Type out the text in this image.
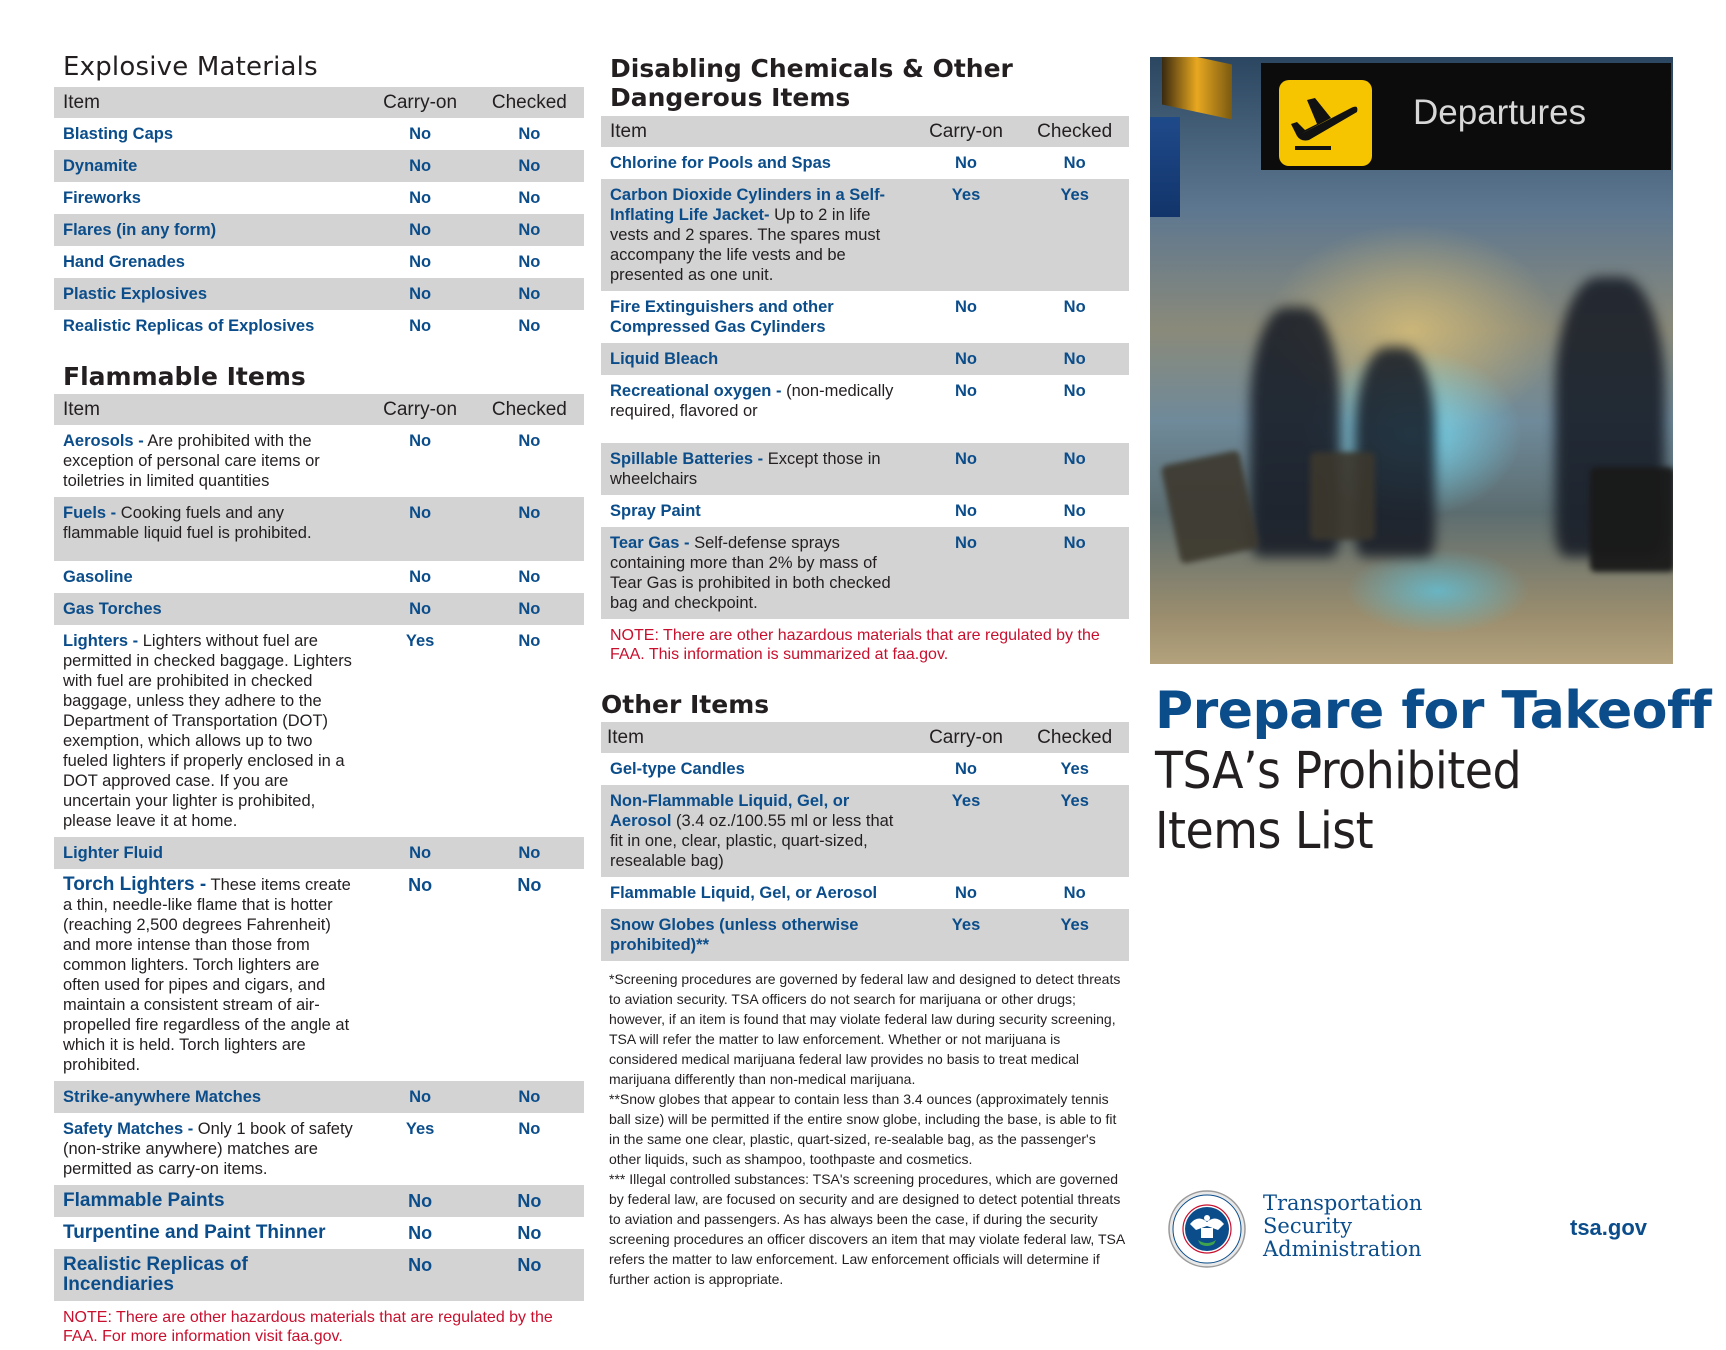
Explosive Materials
Item	Carry-on	Checked
Blasting Caps	No	No
Dynamite	No	No
Fireworks	No	No
Flares (in any form)	No	No
Hand Grenades	No	No
Plastic Explosives	No	No
Realistic Replicas of Explosives	No	No
Flammable Items
Item	Carry-on	Checked
Aerosols - Are prohibited with the exception of personal care items or toiletries in limited quantities	No	No
Fuels - Cooking fuels and any flammable liquid fuel is prohibited.	No	No
Gasoline	No	No
Gas Torches	No	No
Lighters - Lighters without fuel are permitted in checked baggage. Lighters with fuel are prohibited in checked baggage, unless they adhere to the Department of Transportation (DOT) exemption, which allows up to two fueled lighters if properly enclosed in a DOT approved case. If you are uncertain your lighter is prohibited, please leave it at home.	Yes	No
Lighter Fluid	No	No
Torch Lighters - These items create a thin, needle-like flame that is hotter (reaching 2,500 degrees Fahrenheit) and more intense than those from common lighters. Torch lighters are often used for pipes and cigars, and maintain a consistent stream of air-propelled fire regardless of the angle at which it is held. Torch lighters are prohibited.	No	No
Strike-anywhere Matches	No	No
Safety Matches - Only 1 book of safety (non-strike anywhere) matches are permitted as carry-on items.	Yes	No
Flammable Paints	No	No
Turpentine and Paint Thinner	No	No
Realistic Replicas of Incendiaries	No	No

NOTE: There are other hazardous materials that are regulated by the FAA. For more information visit faa.gov.

Disabling Chemicals & Other
Dangerous Items
Item	Carry-on	Checked
Chlorine for Pools and Spas	No	No
Carbon Dioxide Cylinders in a Self-Inflating Life Jacket- Up to 2 in life vests and 2 spares. The spares must accompany the life vests and be presented as one unit.	Yes	Yes
Fire Extinguishers and other Compressed Gas Cylinders	No	No
Liquid Bleach	No	No
Recreational oxygen - (non-medically required, flavored or	No	No
Spillable Batteries - Except those in wheelchairs	No	No
Spray Paint	No	No
Tear Gas - Self-defense sprays containing more than 2% by mass of Tear Gas is prohibited in both checked bag and checkpoint.	No	No

NOTE: There are other hazardous materials that are regulated by the FAA. This information is summarized at faa.gov.

Other Items
Item	Carry-on	Checked
Gel-type Candles	No	Yes
Non-Flammable Liquid, Gel, or Aerosol (3.4 oz./100.55 ml or less that fit in one, clear, plastic, quart-sized, resealable bag)	Yes	Yes
Flammable Liquid, Gel, or Aerosol	No	No
Snow Globes (unless otherwise prohibited)**	Yes	Yes

*Screening procedures are governed by federal law and designed to detect threats to aviation security. TSA officers do not search for marijuana or other drugs; however, if an item is found that may violate federal law during security screening, TSA will refer the matter to law enforcement. Whether or not marijuana is considered medical marijuana federal law provides no basis to treat medical marijuana differently than non-medical marijuana.

**Snow globes that appear to contain less than 3.4 ounces (approximately tennis ball size) will be permitted if the entire snow globe, including the base, is able to fit in the same one clear, plastic, quart-sized, re-sealable bag, as the passenger's other liquids, such as shampoo, toothpaste and cosmetics.

*** Illegal controlled substances: TSA's screening procedures, which are governed by federal law, are focused on security and are designed to detect potential threats to aviation and passengers. As has always been the case, if during the security screening procedures an officer discovers an item that may violate federal law, TSA refers the matter to law enforcement. Law enforcement officials will determine if further action is appropriate.

Departures
Prepare for Takeoff
TSA’s Prohibited
Items List
Transportation
Security
Administration
tsa.gov
